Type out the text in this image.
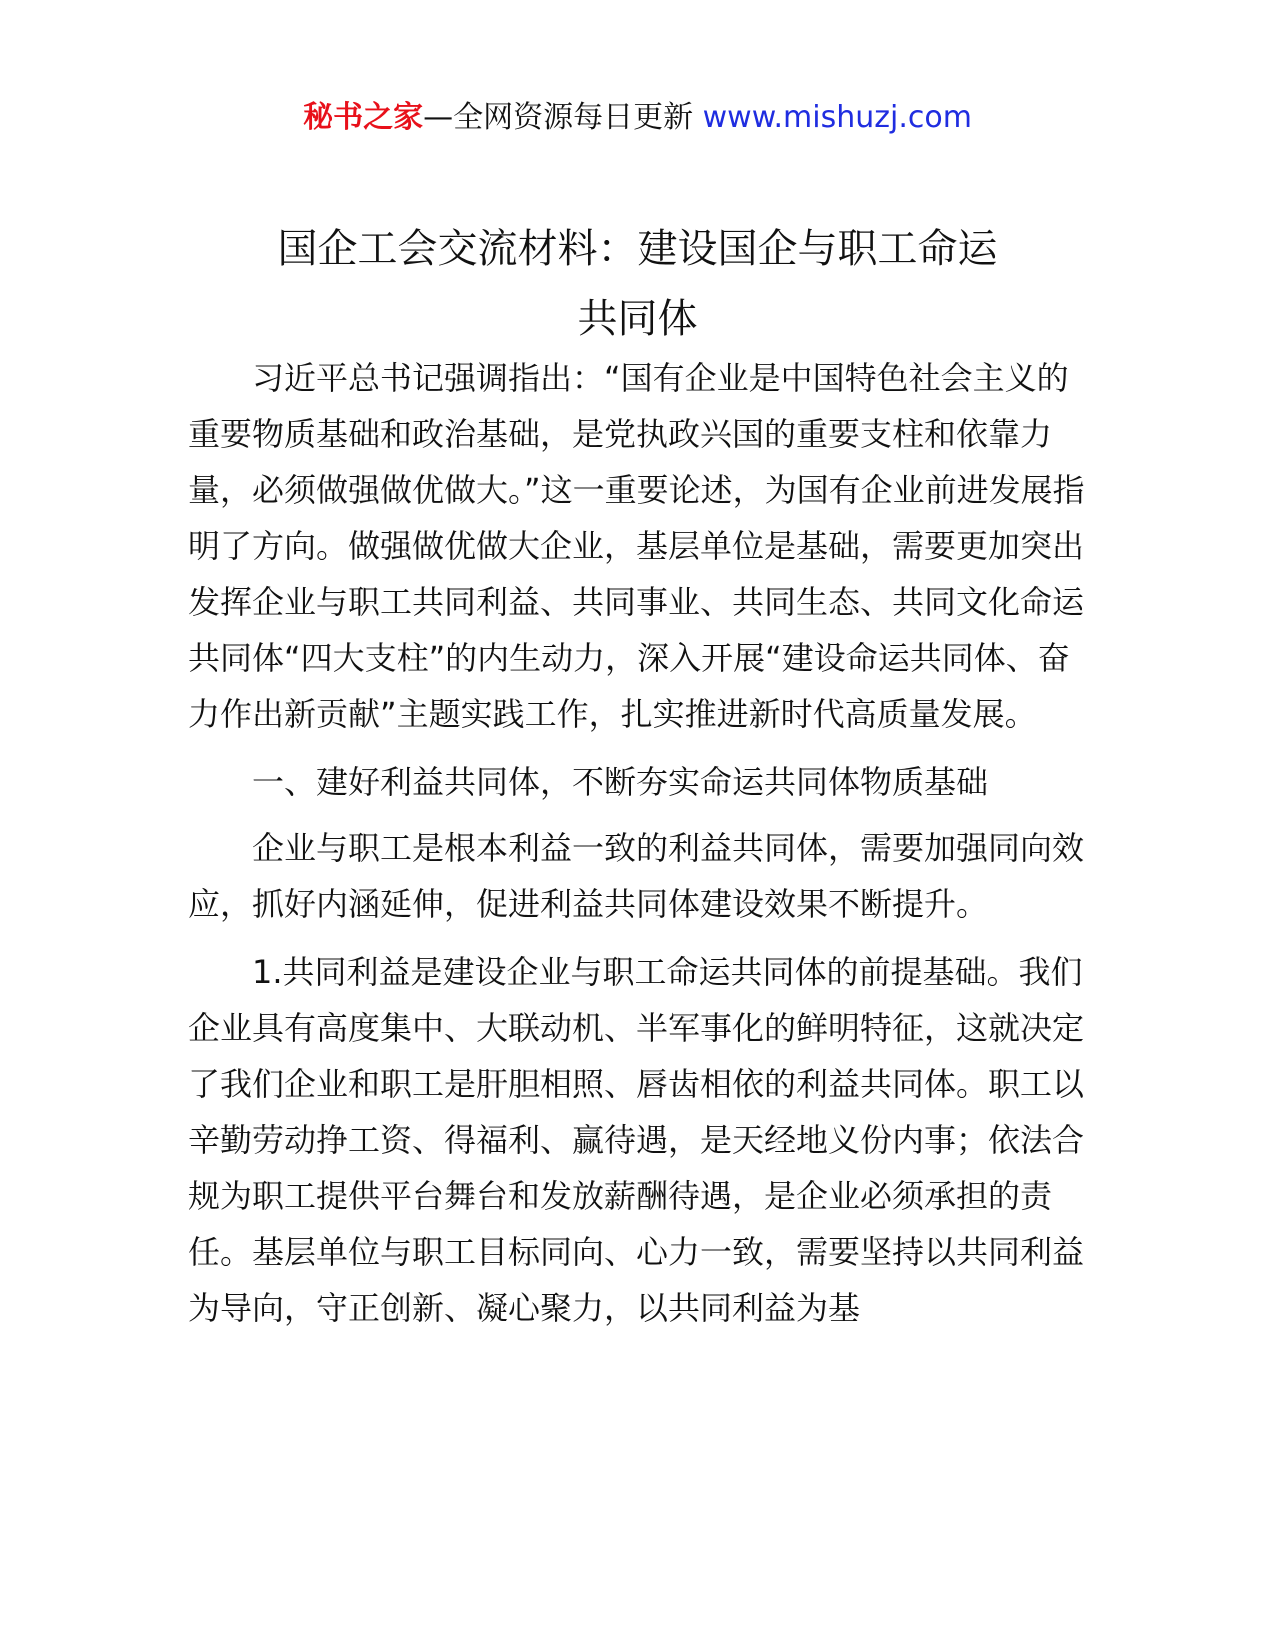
秘书之家—全网资源每日更新 www.mishuzj.com
国企工会交流材料：建设国企与职工命运
共同体

习近平总书记强调指出：“国有企业是中国特色社会主义的重要物质基础和政治基础，是党执政兴国的重要支柱和依靠力量，必须做强做优做大。”这一重要论述，为国有企业前进发展指明了方向。做强做优做大企业，基层单位是基础，需要更加突出发挥企业与职工共同利益、共同事业、共同生态、共同文化命运共同体“四大支柱”的内生动力，深入开展“建设命运共同体、奋力作出新贡献”主题实践工作，扎实推进新时代高质量发展。

一、建好利益共同体，不断夯实命运共同体物质基础

企业与职工是根本利益一致的利益共同体，需要加强同向效应，抓好内涵延伸，促进利益共同体建设效果不断提升。

1.共同利益是建设企业与职工命运共同体的前提基础。我们企业具有高度集中、大联动机、半军事化的鲜明特征，这就决定了我们企业和职工是肝胆相照、唇齿相依的利益共同体。职工以辛勤劳动挣工资、得福利、赢待遇，是天经地义份内事；依法合规为职工提供平台舞台和发放薪酬待遇，是企业必须承担的责任。基层单位与职工目标同向、心力一致，需要坚持以共同利益为导向，守正创新、凝心聚力，以共同利益为基
